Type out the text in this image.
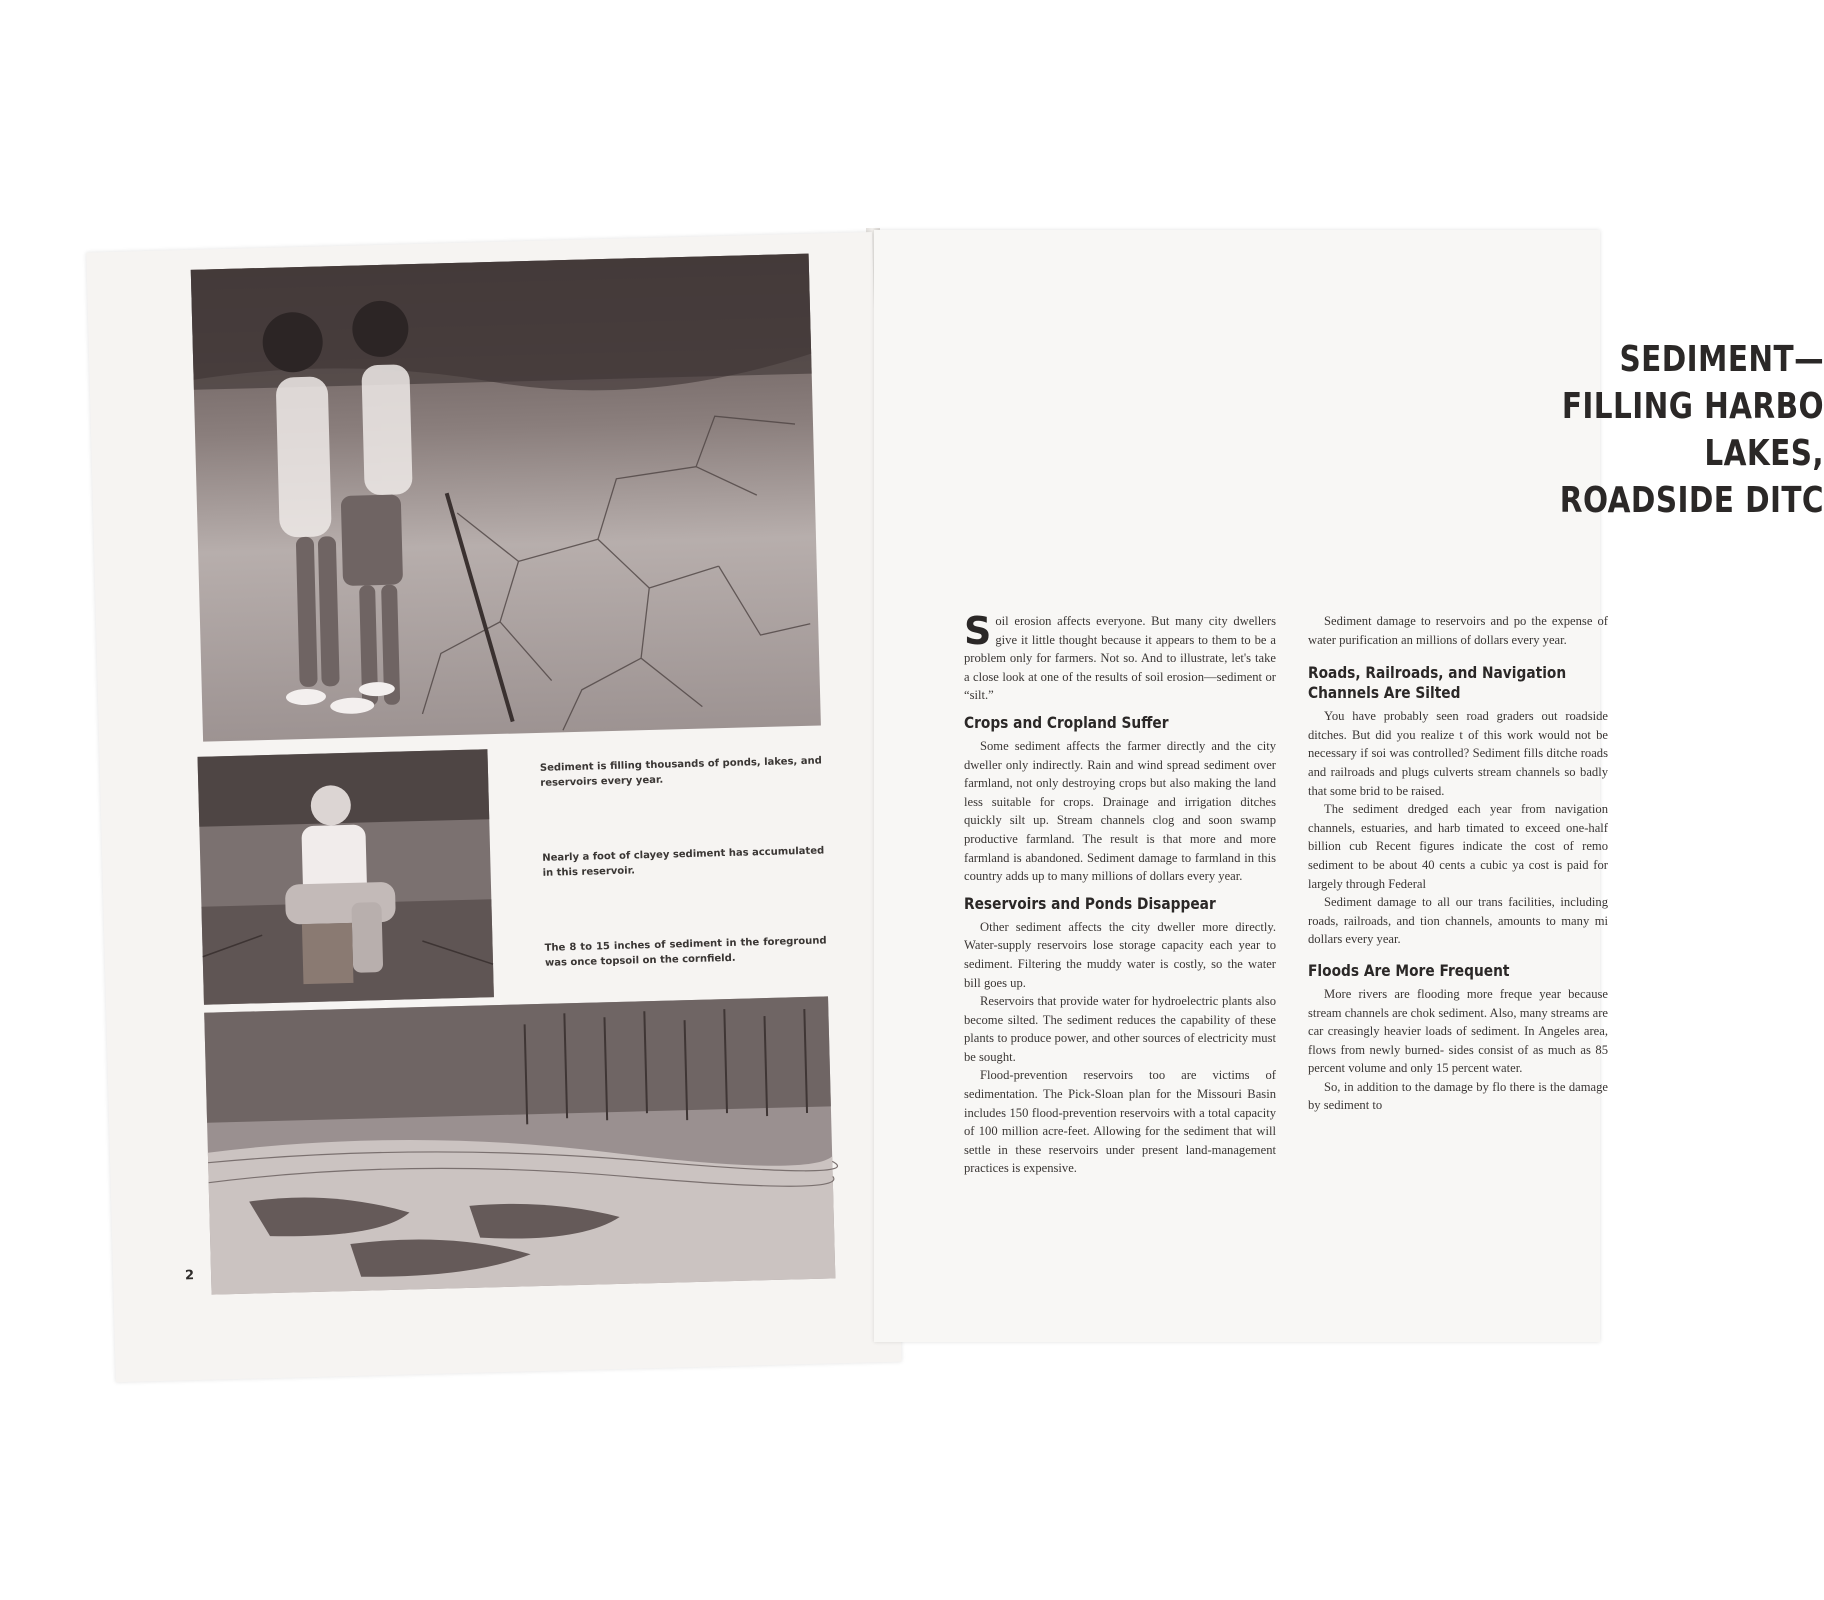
Sediment is filling thousands of ponds, lakes, and reservoirs every year.
Nearly a foot of clayey sediment has accumulated in this reservoir.
The 8 to 15 inches of sediment in the foreground was once topsoil on the cornfield.
2
SEDIMENT—
FILLING HARBO
LAKES,
ROADSIDE DITC

Soil erosion affects everyone. But many city dwellers give it little thought because it appears to them to be a problem only for farmers. Not so. And to illustrate, let's take a close look at one of the results of soil erosion—sediment or “silt.”

Crops and Cropland Suffer

Some sediment affects the farmer directly and the city dweller only indirectly. Rain and wind spread sediment over farmland, not only destroying crops but also making the land less suitable for crops. Drainage and irrigation ditches quickly silt up. Stream channels clog and soon swamp productive farmland. The result is that more and more farmland is abandoned. Sediment damage to farmland in this country adds up to many millions of dollars every year.

Reservoirs and Ponds Disappear

Other sediment affects the city dweller more directly. Water-supply reservoirs lose storage capacity each year to sediment. Filtering the muddy water is costly, so the water bill goes up.

Reservoirs that provide water for hydroelectric plants also become silted. The sediment reduces the capability of these plants to produce power, and other sources of electricity must be sought.

Flood-prevention reservoirs too are victims of sedimentation. The Pick-Sloan plan for the Missouri Basin includes 150 flood-prevention reservoirs with a total capacity of 100 million acre-feet. Allowing for the sediment that will settle in these reservoirs under present land-management practices is expensive.

Sediment damage to reservoirs and po the expense of water purification an millions of dollars every year.

Roads, Railroads, and Navigation
Channels Are Silted

You have probably seen road graders out roadside ditches. But did you realize t of this work would not be necessary if soi was controlled? Sediment fills ditche roads and railroads and plugs culverts stream channels so badly that some brid to be raised.

The sediment dredged each year from navigation channels, estuaries, and harb timated to exceed one-half billion cub Recent figures indicate the cost of remo sediment to be about 40 cents a cubic ya cost is paid for largely through Federal

Sediment damage to all our trans facilities, including roads, railroads, and tion channels, amounts to many mi dollars every year.

Floods Are More Frequent

More rivers are flooding more freque year because stream channels are chok sediment. Also, many streams are car creasingly heavier loads of sediment. In Angeles area, flows from newly burned- sides consist of as much as 85 percent volume and only 15 percent water.

So, in addition to the damage by flo there is the damage by sediment to
